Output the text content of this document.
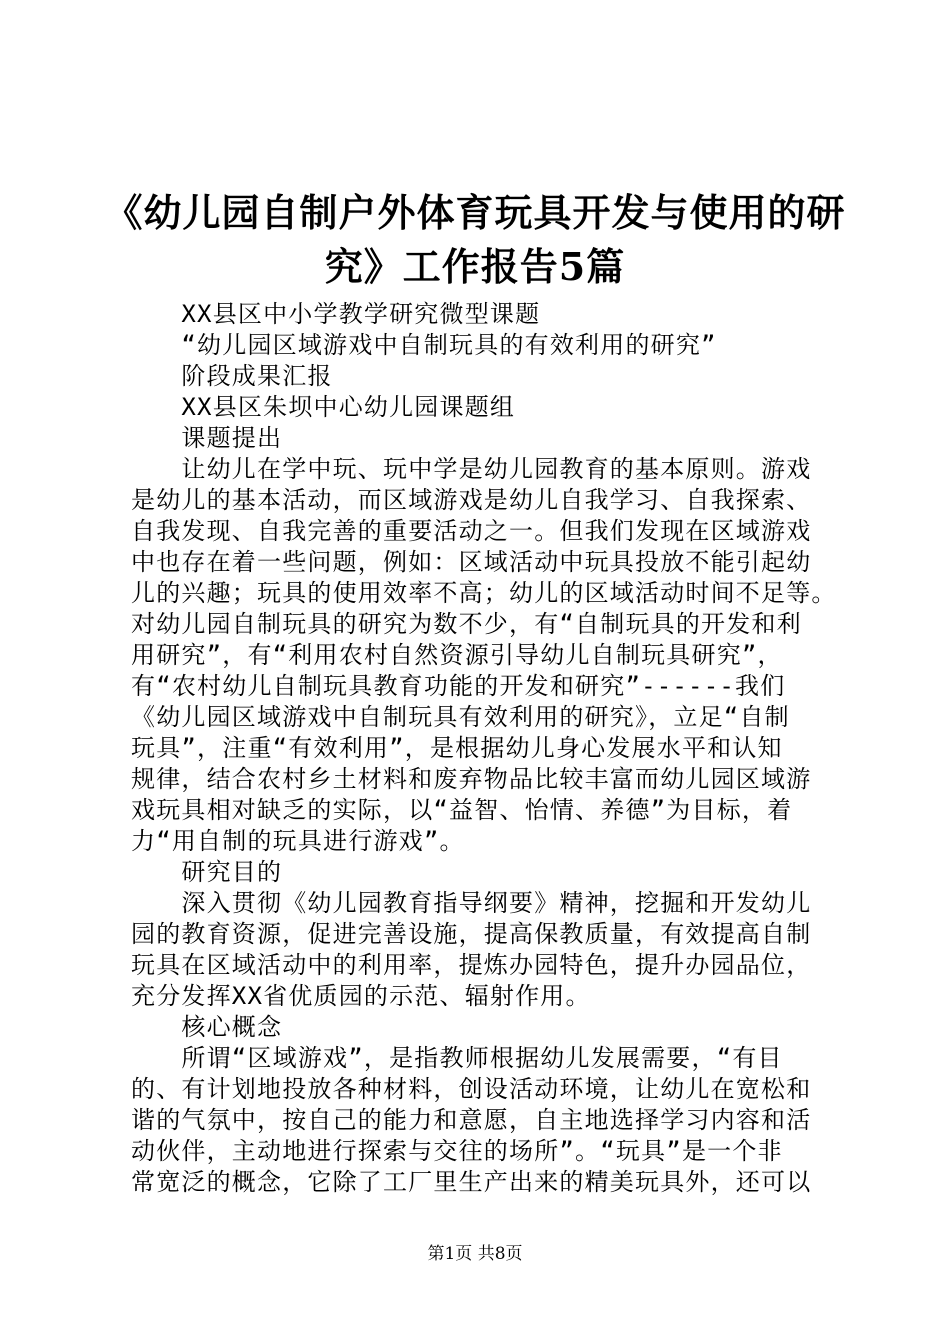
《幼儿园自制户外体育玩具开发与使用的研
究》工作报告5篇
　　XX县区中小学教学研究微型课题
　　“幼儿园区域游戏中自制玩具的有效利用的研究”
　　阶段成果汇报
　　XX县区朱坝中心幼儿园课题组
　　课题提出
　　让幼儿在学中玩、玩中学是幼儿园教育的基本原则。游戏
是幼儿的基本活动，而区域游戏是幼儿自我学习、自我探索、
自我发现、自我完善的重要活动之一。但我们发现在区域游戏
中也存在着一些问题，例如：区域活动中玩具投放不能引起幼
儿的兴趣；玩具的使用效率不高；幼儿的区域活动时间不足等。
对幼儿园自制玩具的研究为数不少，有“自制玩具的开发和利
用研究”，有“利用农村自然资源引导幼儿自制玩具研究”，
有“农村幼儿自制玩具教育功能的开发和研究”------我们
《幼儿园区域游戏中自制玩具有效利用的研究》，立足“自制
玩具”，注重“有效利用”，是根据幼儿身心发展水平和认知
规律，结合农村乡土材料和废弃物品比较丰富而幼儿园区域游
戏玩具相对缺乏的实际，以“益智、怡情、养德”为目标，着
力“用自制的玩具进行游戏”。
　　研究目的
　　深入贯彻《幼儿园教育指导纲要》精神，挖掘和开发幼儿
园的教育资源，促进完善设施，提高保教质量，有效提高自制
玩具在区域活动中的利用率，提炼办园特色，提升办园品位，
充分发挥XX省优质园的示范、辐射作用。
　　核心概念
　　所谓“区域游戏”，是指教师根据幼儿发展需要，“有目
的、有计划地投放各种材料，创设活动环境，让幼儿在宽松和
谐的气氛中，按自己的能力和意愿，自主地选择学习内容和活
动伙伴，主动地进行探索与交往的场所”。“玩具”是一个非
常宽泛的概念，它除了工厂里生产出来的精美玩具外，还可以
第1页 共8页
